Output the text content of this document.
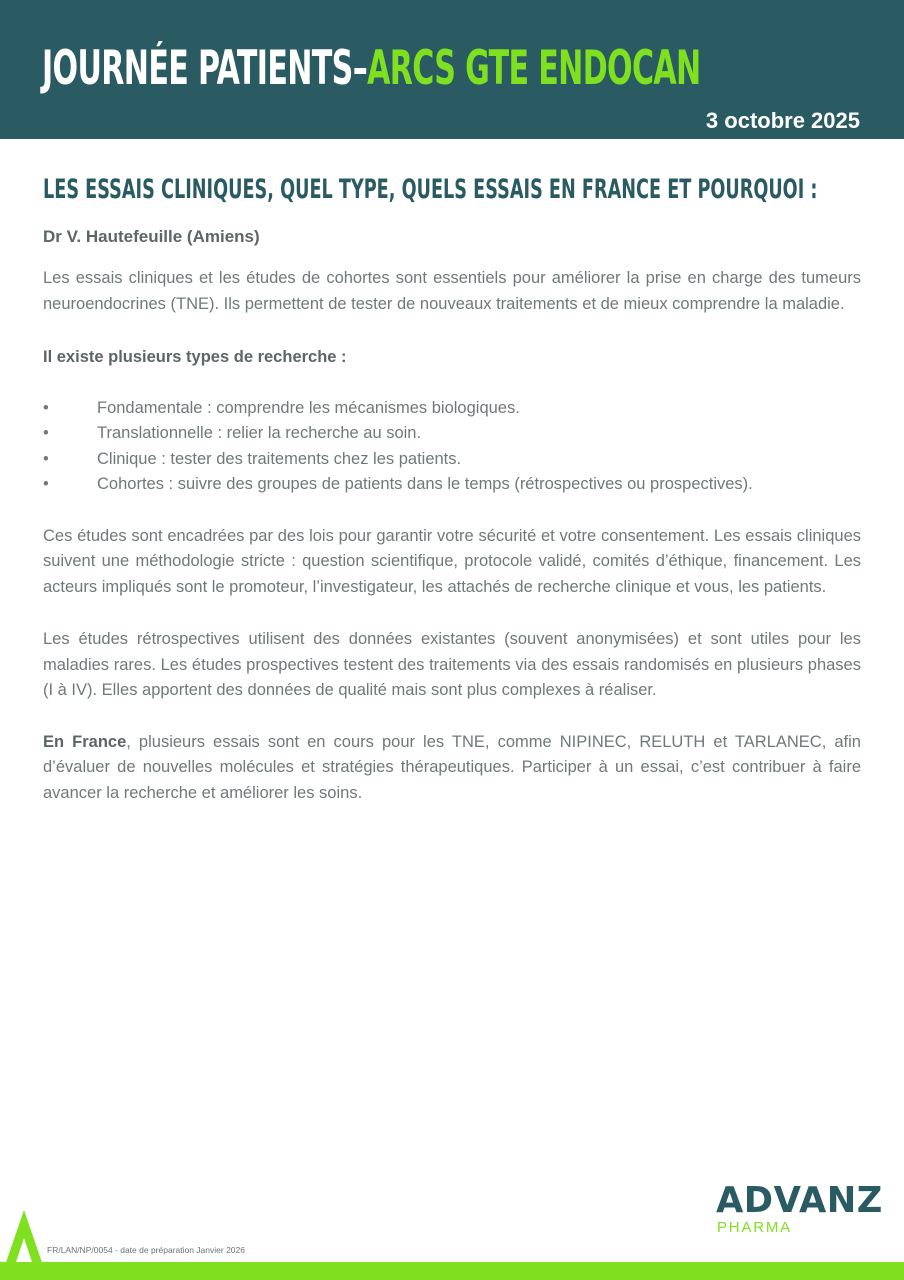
JOURNÉE PATIENTS–ARCS GTE ENDOCAN
3 octobre 2025
LES ESSAIS CLINIQUES, QUEL TYPE, QUELS ESSAIS EN FRANCE ET POURQUOI :
Dr V. Hautefeuille (Amiens)

Les essais cliniques et les études de cohortes sont essentiels pour améliorer la prise en charge des tumeurs neuroendocrines (TNE). Ils permettent de tester de nouveaux traitements et de mieux comprendre la maladie.

Il existe plusieurs types de recherche :
•	Fondamentale : comprendre les mécanismes biologiques.
•	Translationnelle : relier la recherche au soin.
•	Clinique : tester des traitements chez les patients.
•	Cohortes : suivre des groupes de patients dans le temps (rétrospectives ou prospectives).

Ces études sont encadrées par des lois pour garantir votre sécurité et votre consentement. Les essais cliniques suivent une méthodologie stricte : question scientifique, protocole validé, comités d’éthique, financement. Les acteurs impliqués sont le promoteur, l’investigateur, les attachés de recherche clinique et vous, les patients.

Les études rétrospectives utilisent des données existantes (souvent anonymisées) et sont utiles pour les maladies rares. Les études prospectives testent des traitements via des essais randomisés en plusieurs phases (I à IV). Elles apportent des données de qualité mais sont plus complexes à réaliser.

En France, plusieurs essais sont en cours pour les TNE, comme NIPINEC, RELUTH et TARLANEC, afin d’évaluer de nouvelles molécules et stratégies thérapeutiques. Participer à un essai, c’est contribuer à faire avancer la recherche et améliorer les soins.

FR/LAN/NP/0054 - date de préparation Janvier 2026
ADVANZ
PHARMA
